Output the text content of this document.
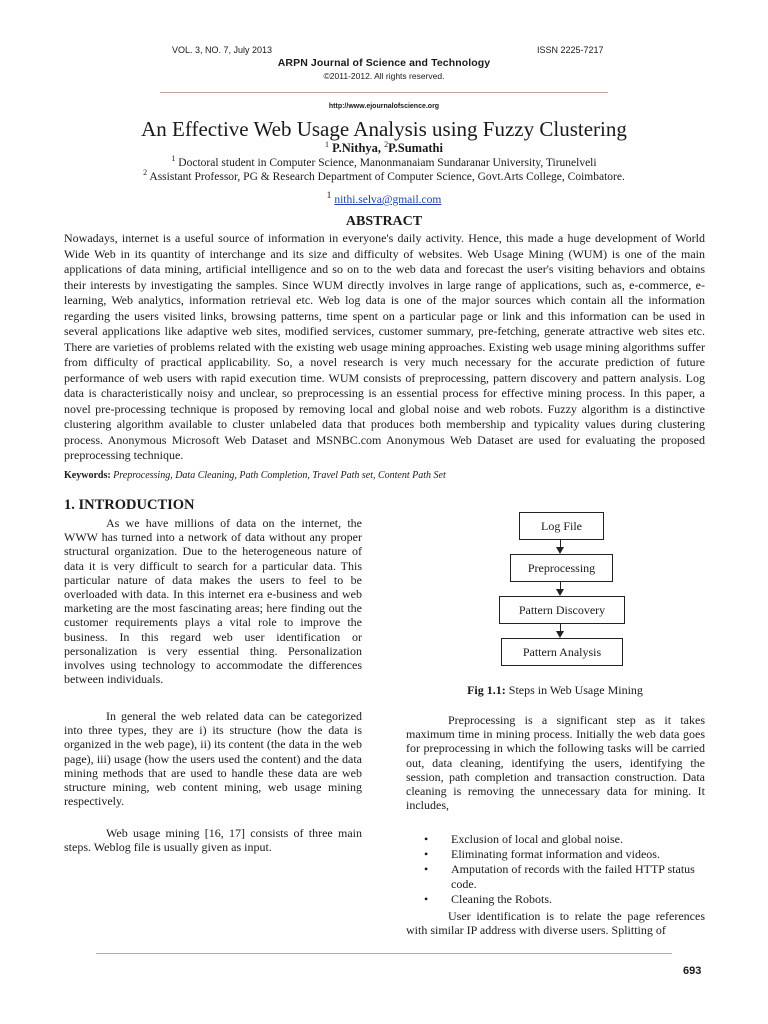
VOL. 3, NO. 7, July 2013	ISSN 2225-7217
ARPN Journal of Science and Technology
©2011-2012. All rights reserved.
http://www.ejournalofscience.org
An Effective Web Usage Analysis using Fuzzy Clustering
$^1$ P.Nithya, $^2$P.Sumathi
$^1$ Doctoral student in Computer Science, Manonmanaiam Sundaranar University, Tirunelveli
$^2$ Assistant Professor, PG & Research Department of Computer Science, Govt.Arts College, Coimbatore.
$^1$ nithi.selva@gmail.com
ABSTRACT

Nowadays, internet is a useful source of information in everyone's daily activity. Hence, this made a huge development of World Wide Web in its quantity of interchange and its size and difficulty of websites. Web Usage Mining (WUM) is one of the main applications of data mining, artificial intelligence and so on to the web data and forecast the user's visiting behaviors and obtains their interests by investigating the samples. Since WUM directly involves in large range of applications, such as, e-commerce, e-learning, Web analytics, information retrieval etc. Web log data is one of the major sources which contain all the information regarding the users visited links, browsing patterns, time spent on a particular page or link and this information can be used in several applications like adaptive web sites, modified services, customer summary, pre-fetching, generate attractive web sites etc. There are varieties of problems related with the existing web usage mining approaches. Existing web usage mining algorithms suffer from difficulty of practical applicability. So, a novel research is very much necessary for the accurate prediction of future performance of web users with rapid execution time. WUM consists of preprocessing, pattern discovery and pattern analysis. Log data is characteristically noisy and unclear, so preprocessing is an essential process for effective mining process. In this paper, a novel pre-processing technique is proposed by removing local and global noise and web robots. Fuzzy algorithm is a distinctive clustering algorithm available to cluster unlabeled data that produces both membership and typicality values during clustering process. Anonymous Microsoft Web Dataset and MSNBC.com Anonymous Web Dataset are used for evaluating the proposed preprocessing technique.

Keywords: Preprocessing, Data Cleaning, Path Completion, Travel Path set, Content Path Set
1. INTRODUCTION

As we have millions of data on the internet, the WWW has turned into a network of data without any proper structural organization. Due to the heterogeneous nature of data it is very difficult to search for a particular data. This particular nature of data makes the users to feel to be overloaded with data. In this internet era e-business and web marketing are the most fascinating areas; here finding out the customer requirements plays a vital role to improve the business. In this regard web user identification or personalization is very essential thing. Personalization involves using technology to accommodate the differences between individuals.

In general the web related data can be categorized into three types, they are i) its structure (how the data is organized in the web page), ii) its content (the data in the web page), iii) usage (how the users used the content) and the data mining methods that are used to handle these data are web structure mining, web content mining, web usage mining respectively.

Web usage mining [16, 17] consists of three main steps. Weblog file is usually given as input.

Log File
Preprocessing
Pattern Discovery
Pattern Analysis
Fig 1.1: Steps in Web Usage Mining

Preprocessing is a significant step as it takes maximum time in mining process. Initially the web data goes for preprocessing in which the following tasks will be carried out, data cleaning, identifying the users, identifying the session, path completion and transaction construction. Data cleaning is removing the unnecessary data for mining. It includes,

• Exclusion of local and global noise.
• Eliminating format information and videos.
• Amputation of records with the failed HTTP status code.
• Cleaning the Robots.

User identification is to relate the page references with similar IP address with diverse users. Splitting of

693
